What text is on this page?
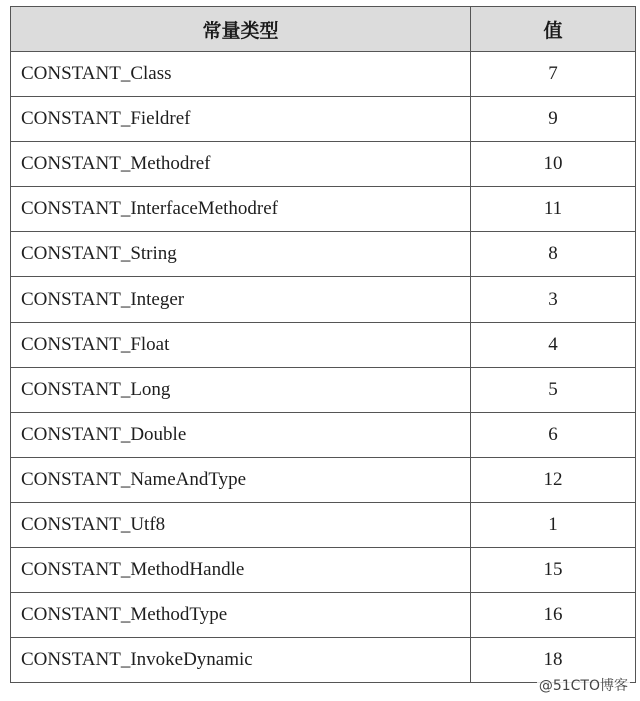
常量类型	值
CONSTANT_Class	7
CONSTANT_Fieldref	9
CONSTANT_Methodref	10
CONSTANT_InterfaceMethodref	11
CONSTANT_String	8
CONSTANT_Integer	3
CONSTANT_Float	4
CONSTANT_Long	5
CONSTANT_Double	6
CONSTANT_NameAndType	12
CONSTANT_Utf8	1
CONSTANT_MethodHandle	15
CONSTANT_MethodType	16
CONSTANT_InvokeDynamic	18
@51CTO博客
